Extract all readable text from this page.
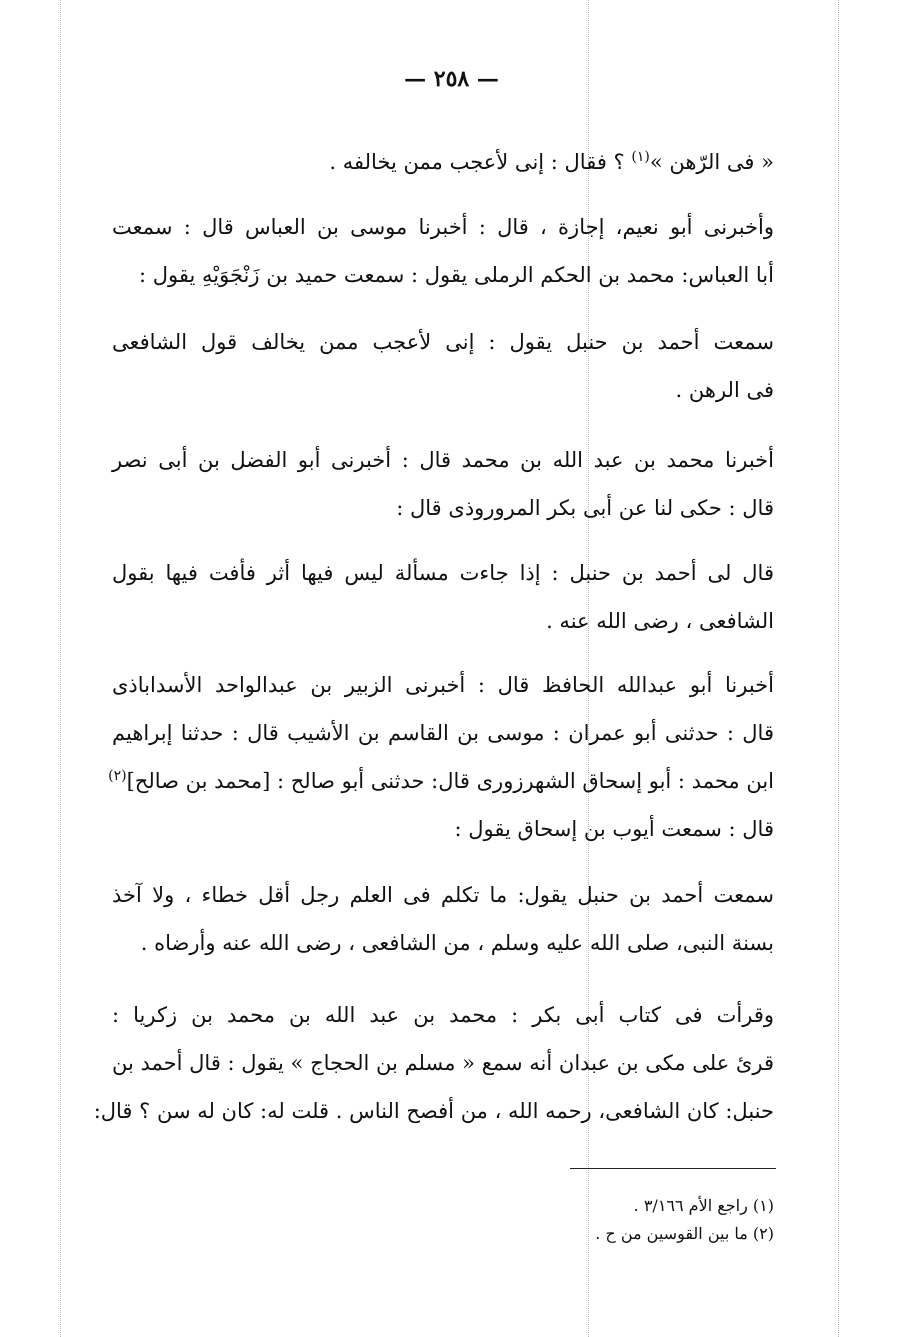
— ٢٥٨ —
« فى الرّهن »$^{(١)}$ ؟ فقال : إنى لأعجب ممن يخالفه .
وأخبرنى أبو نعيم، إجازة ، قال : أخبرنا موسى بن العباس قال : سمعت
أبا العباس: محمد بن الحكم الرملى يقول : سمعت حميد بن زَنْجَوَيْهِ يقول :
سمعت أحمد بن حنبل يقول : إنى لأعجب ممن يخالف قول الشافعى
فى الرهن .
أخبرنا محمد بن عبد الله بن محمد قال : أخبرنى أبو الفضل بن أبى نصر
قال : حكى لنا عن أبى بكر المروروذى قال :
قال لى أحمد بن حنبل : إذا جاءت مسألة ليس فيها أثر فأفت فيها بقول
الشافعى ، رضى الله عنه .
أخبرنا أبو عبدالله الحافظ قال : أخبرنى الزبير بن عبدالواحد الأسداباذى
قال : حدثنى أبو عمران : موسى بن القاسم بن الأشيب قال : حدثنا إبراهيم
ابن محمد : أبو إسحاق الشهرزورى قال: حدثنى أبو صالح : [محمد بن صالح]$^{(٢)}$
قال : سمعت أيوب بن إسحاق يقول :
سمعت أحمد بن حنبل يقول: ما تكلم فى العلم رجل أقل خطاء ، ولا آخذ
بسنة النبى، صلى الله عليه وسلم ، من الشافعى ، رضى الله عنه وأرضاه .
وقرأت فى كتاب أبى بكر : محمد بن عبد الله بن محمد بن زكريا :
قرئ على مكى بن عبدان أنه سمع « مسلم بن الحجاج » يقول : قال أحمد بن
حنبل: كان الشافعى، رحمه الله ، من أفصح الناس . قلت له: كان له سن ؟ قال:
(١) راجع الأم ٣/١٦٦ .
(٢) ما بين القوسين من ح .
